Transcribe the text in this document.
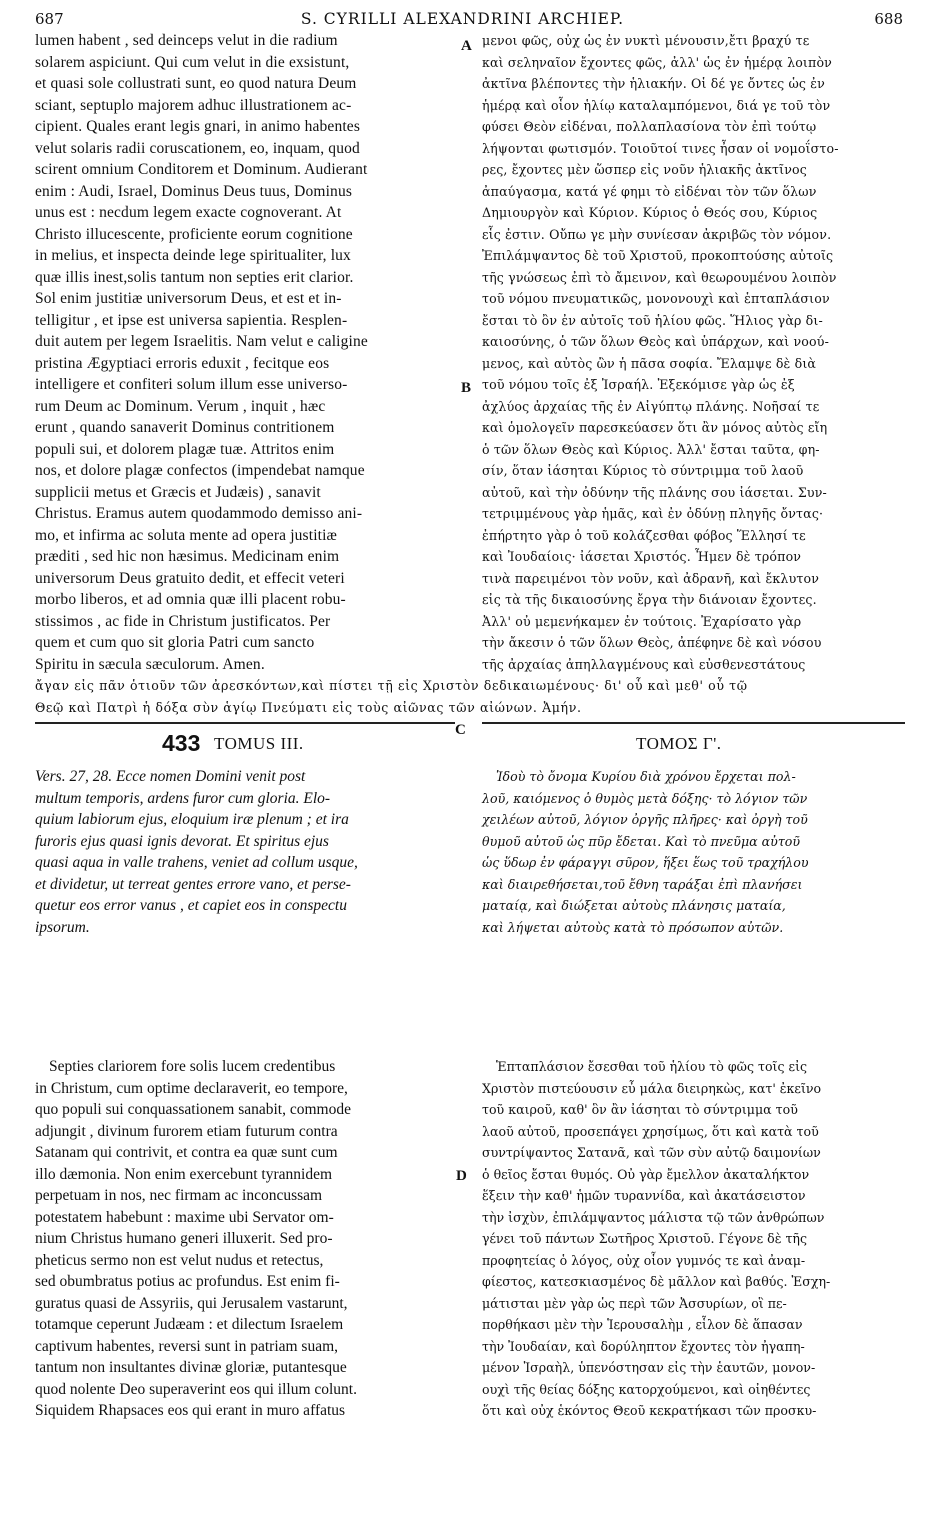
687	S. CYRILLI ALEXANDRINI ARCHIEP.	688
lumen habent , sed deinceps velut in die radium
solarem aspiciunt. Qui cum velut in die exsistunt,
et quasi sole collustrati sunt, eo quod natura Deum
sciant, septuplo majorem adhuc illustrationem ac-
cipient. Quales erant legis gnari, in animo habentes
velut solaris radii coruscationem, eo, inquam, quod
scirent omnium Conditorem et Dominum. Audierant
enim : Audi, Israel, Dominus Deus tuus, Dominus
unus est : necdum legem exacte cognoverant. At
Christo illucescente, proficiente eorum cognitione
in melius, et inspecta deinde lege spiritualiter, lux
quæ illis inest,solis tantum non septies erit clarior.
Sol enim justitiæ universorum Deus, et est et in-
telligitur , et ipse est universa sapientia. Resplen-
duit autem per legem Israelitis. Nam velut e caligine
pristina Ægyptiaci erroris eduxit , fecitque eos
intelligere et confiteri solum illum esse universo-
rum Deum ac Dominum. Verum , inquit , hæc
erunt , quando sanaverit Dominus contritionem
populi sui, et dolorem plagæ tuæ. Attritos enim
nos, et dolore plagæ confectos (impendebat namque
supplicii metus et Græcis et Judæis) , sanavit
Christus. Eramus autem quodammodo demisso ani-
mo, et infirma ac soluta mente ad opera justitiæ
præditi , sed hic non hæsimus. Medicinam enim
universorum Deus gratuito dedit, et effecit veteri
morbo liberos, et ad omnia quæ illi placent robu-
stissimos , ac fide in Christum justificatos. Per
quem et cum quo sit gloria Patri cum sancto
Spiritu in sæcula sæculorum. Amen.
μενοι φῶς, οὐχ ὡς ἐν νυκτὶ μένουσιν,ἔτι βραχύ τε
καὶ σεληναῖον ἔχοντες φῶς, ἀλλ' ὡς ἐν ἡμέρᾳ λοιπὸν
ἀκτῖνα βλέποντες τὴν ἡλιακήν. Οἱ δέ γε ὄντες ὡς ἐν
ἡμέρᾳ καὶ οἷον ἡλίῳ καταλαμπόμενοι, διά γε τοῦ τὸν
φύσει Θεὸν εἰδέναι, πολλαπλασίονα τὸν ἐπὶ τούτῳ
λήψονται φωτισμόν. Τοιοῦτοί τινες ἦσαν οἱ νομοΐστο-
ρες, ἔχοντες μὲν ὥσπερ εἰς νοῦν ἡλιακῆς ἀκτῖνος
ἀπαύγασμα, κατά γέ φημι τὸ εἰδέναι τὸν τῶν ὅλων
Δημιουργὸν καὶ Κύριον. Κύριος ὁ Θεός σου, Κύριος
εἷς ἐστιν. Οὔπω γε μὴν συνίεσαν ἀκριβῶς τὸν νόμον.
Ἐπιλάμψαντος δὲ τοῦ Χριστοῦ, προκοπτούσης αὐτοῖς
τῆς γνώσεως ἐπὶ τὸ ἄμεινον, καὶ θεωρουμένου λοιπὸν
τοῦ νόμου πνευματικῶς, μονονουχὶ καὶ ἑπταπλάσιον
ἔσται τὸ ὂν ἐν αὐτοῖς τοῦ ἡλίου φῶς. Ἥλιος γὰρ δι-
καιοσύνης, ὁ τῶν ὅλων Θεὸς καὶ ὑπάρχων, καὶ νοού-
μενος, καὶ αὐτὸς ὢν ἡ πᾶσα σοφία. Ἔλαμψε δὲ διὰ
τοῦ νόμου τοῖς ἐξ Ἰσραήλ. Ἐξεκόμισε γὰρ ὡς ἐξ
ἀχλύος ἀρχαίας τῆς ἐν Αἰγύπτῳ πλάνης. Νοῆσαί τε
καὶ ὁμολογεῖν παρεσκεύασεν ὅτι ἂν μόνος αὐτὸς εἴη
ὁ τῶν ὅλων Θεὸς καὶ Κύριος. Ἀλλ' ἔσται ταῦτα, φη-
σίν, ὅταν ἰάσηται Κύριος τὸ σύντριμμα τοῦ λαοῦ
αὐτοῦ, καὶ τὴν ὀδύνην τῆς πλάνης σου ἰάσεται. Συν-
τετριμμένους γὰρ ἡμᾶς, καὶ ἐν ὀδύνῃ πληγῆς ὄντας·
ἐπήρτητο γὰρ ὁ τοῦ κολάζεσθαι φόβος Ἕλλησί τε
καὶ Ἰουδαίοις· ἰάσεται Χριστός. Ἦμεν δὲ τρόπον
τινὰ παρειμένοι τὸν νοῦν, καὶ ἀδρανῆ, καὶ ἔκλυτον
εἰς τὰ τῆς δικαιοσύνης ἔργα τὴν διάνοιαν ἔχοντες.
Ἀλλ' οὐ μεμενήκαμεν ἐν τούτοις. Ἐχαρίσατο γὰρ
τὴν ἄκεσιν ὁ τῶν ὅλων Θεὸς, ἀπέφηνε δὲ καὶ νόσου
τῆς ἀρχαίας ἀπηλλαγμένους καὶ εὐσθενεστάτους
A
B
ἄγαν εἰς πᾶν ὁτιοῦν τῶν ἀρεσκόντων,καὶ πίστει τῇ εἰς Χριστὸν δεδικαιωμένους· δι' οὗ καὶ μεθ' οὗ τῷ
Θεῷ καὶ Πατρὶ ἡ δόξα σὺν ἁγίῳ Πνεύματι εἰς τοὺς αἰῶνας τῶν αἰώνων. Ἀμήν.
433 TOMUS III.
C
ΤΟΜΟΣ Γ'.
Vers. 27, 28. Ecce nomen Domini venit post
multum temporis, ardens furor cum gloria. Elo-
quium labiorum ejus, eloquium iræ plenum ; et ira
furoris ejus quasi ignis devorat. Et spiritus ejus
quasi aqua in valle trahens, veniet ad collum usque,
et dividetur, ut terreat gentes errore vano, et perse-
quetur eos error vanus , et capiet eos in conspectu
ipsorum.
Ἰδοὺ τὸ ὄνομα Κυρίου διὰ χρόνου ἔρχεται πολ-
λοῦ, καιόμενος ὁ θυμὸς μετὰ δόξης· τὸ λόγιον τῶν
χειλέων αὐτοῦ, λόγιον ὀργῆς πλῆρες· καὶ ὀργὴ τοῦ
θυμοῦ αὐτοῦ ὡς πῦρ ἔδεται. Καὶ τὸ πνεῦμα αὐτοῦ
ὡς ὕδωρ ἐν φάραγγι σῦρον, ἥξει ἕως τοῦ τραχήλου
καὶ διαιρεθήσεται,τοῦ ἔθνη ταράξαι ἐπὶ πλανήσει
ματαίᾳ, καὶ διώξεται αὐτοὺς πλάνησις ματαία,
καὶ λήψεται αὐτοὺς κατὰ τὸ πρόσωπον αὐτῶν.
Septies clariorem fore solis lucem credentibus
in Christum, cum optime declaraverit, eo tempore,
quo populi sui conquassationem sanabit, commode
adjungit , divinum furorem etiam futurum contra
Satanam qui contrivit, et contra ea quæ sunt cum
illo dæmonia. Non enim exercebunt tyrannidem
perpetuam in nos, nec firmam ac inconcussam
potestatem habebunt : maxime ubi Servator om-
nium Christus humano generi illuxerit. Sed pro-
pheticus sermo non est velut nudus et retectus,
sed obumbratus potius ac profundus. Est enim fi-
guratus quasi de Assyriis, qui Jerusalem vastarunt,
totamque ceperunt Judæam : et dilectum Israelem
captivum habentes, reversi sunt in patriam suam,
tantum non insultantes divinæ gloriæ, putantesque
quod nolente Deo superaverint eos qui illum colunt.
Siquidem Rhapsaces eos qui erant in muro affatus
Ἑπταπλάσιον ἔσεσθαι τοῦ ἡλίου τὸ φῶς τοῖς εἰς
Χριστὸν πιστεύουσιν εὖ μάλα διειρηκὼς, κατ' ἐκεῖνο
τοῦ καιροῦ, καθ' ὃν ἂν ἰάσηται τὸ σύντριμμα τοῦ
λαοῦ αὐτοῦ, προσεπάγει χρησίμως, ὅτι καὶ κατὰ τοῦ
συντρίψαντος Σατανᾶ, καὶ τῶν σὺν αὐτῷ δαιμονίων
ὁ θεῖος ἔσται θυμός. Οὐ γὰρ ἔμελλον ἀκαταλήκτον
ἕξειν τὴν καθ' ἡμῶν τυραννίδα, καὶ ἀκατάσειστον
τὴν ἰσχὺν, ἐπιλάμψαντος μάλιστα τῷ τῶν ἀνθρώπων
γένει τοῦ πάντων Σωτῆρος Χριστοῦ. Γέγονε δὲ τῆς
προφητείας ὁ λόγος, οὐχ οἷον γυμνός τε καὶ ἀναμ-
φίεστος, κατεσκιασμένος δὲ μᾶλλον καὶ βαθύς. Ἐσχη-
μάτισται μὲν γὰρ ὡς περὶ τῶν Ἀσσυρίων, οἳ πε-
πορθήκασι μὲν τὴν Ἱερουσαλὴμ , εἷλον δὲ ἅπασαν
τὴν Ἰουδαίαν, καὶ δορύληπτον ἔχοντες τὸν ἠγαπη-
μένον Ἰσραὴλ, ὑπενόστησαν εἰς τὴν ἑαυτῶν, μονον-
ουχὶ τῆς θείας δόξης κατορχούμενοι, καὶ οἰηθέντες
ὅτι καὶ οὐχ ἑκόντος Θεοῦ κεκρατήκασι τῶν προσκυ-
D
